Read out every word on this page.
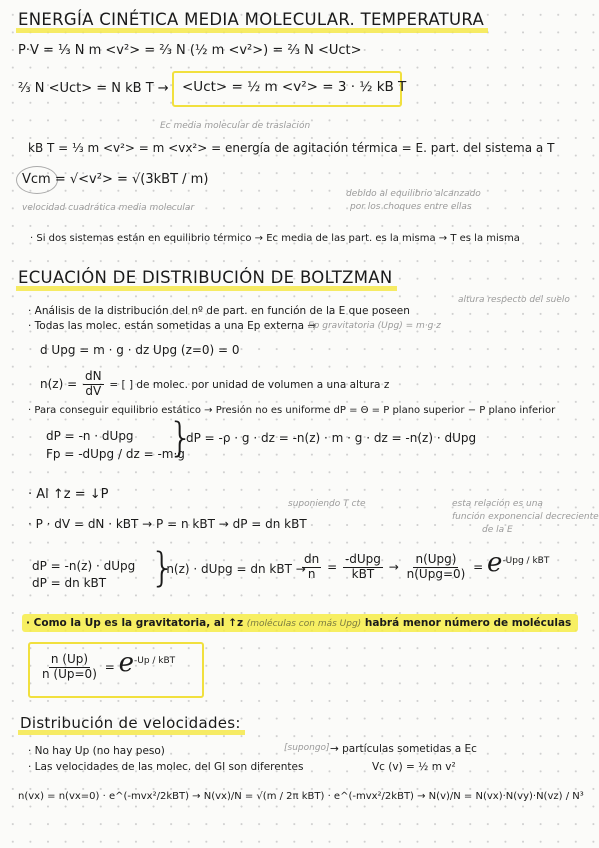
ENERGÍA CINÉTICA MEDIA MOLECULAR. TEMPERATURA
P·V = ⅓ N m <v²> = ⅔ N (½ m <v²>) = ⅔ N <Uct>
⅔ N <Uct> = N kB T → <Uct> = ½ m <v²> = 3 · ½ kB T
Ec media molecular de traslación
kB T = ⅓ m <v²> = m <vx²> = energía de agitación térmica = E. part. del sistema a T
Vcm = √<v²> = √(3kBT / m)
velocidad cuadrática media molecular
debido al equilibrio alcanzado
por los choques entre ellas
· Si dos sistemas están en equilibrio térmico → Ec media de las part. es la misma → T es la misma
ECUACIÓN DE DISTRIBUCIÓN DE BOLTZMAN
· Análisis de la distribución del nº de part. en función de la E que poseen
altura respecto del suelo
· Todas las molec. están sometidas a una Ep externa →
Ep gravitatoria (Upg) = m·g·z
d Upg = m · g · dz Upg (z=0) = 0
$n(z) = \frac{dN}{dV}$ = [ ] de molec. por unidad de volumen a una altura z
· Para conseguir equilibrio estático → Presión no es uniforme dP = Θ = P plano superior − P plano inferior
dP = -n · dUpg
Fp = -dUpg / dz = -m·g
}
dP = -ρ · g · dz = -n(z) · m · g · dz = -n(z) · dUpg
· Al ↑z = ↓P
suponiendo T cte
· P · dV = dN · kBT → P = n kBT → dP = dn kBT
esta relación es una
función exponencial decreciente
de la E
dP = -n(z) · dUpg
dP = dn kBT }
-n(z) · dUpg = dn kBT →
$\frac{dn}{n} = \frac{\text{-dUpg}}{\text{kBT}} \to \frac{\text{n(Upg)}}{\text{n(Upg=0)}} = e^{-Upg / kBT}$
· Como la Up es la gravitatoria, al ↑z (moléculas con más Upg) habrá menor número de moléculas
$\frac{n (Up)}{n (Up=0)} = e^{-Up / kBT}$
Distribución de velocidades:
· No hay Up (no hay peso)	[supongo] → partículas sometidas a Ec
· Las velocidades de las molec. del GI son diferentes	Vc (v) = ½ m v²
n(vx) = n(vx=0) · e^(-mvx²/2kBT) → N(vx)/N = √(m / 2π kBT) · e^(-mvx²/2kBT) → N(v)/N = N(vx)·N(vy)·N(vz) / N³
